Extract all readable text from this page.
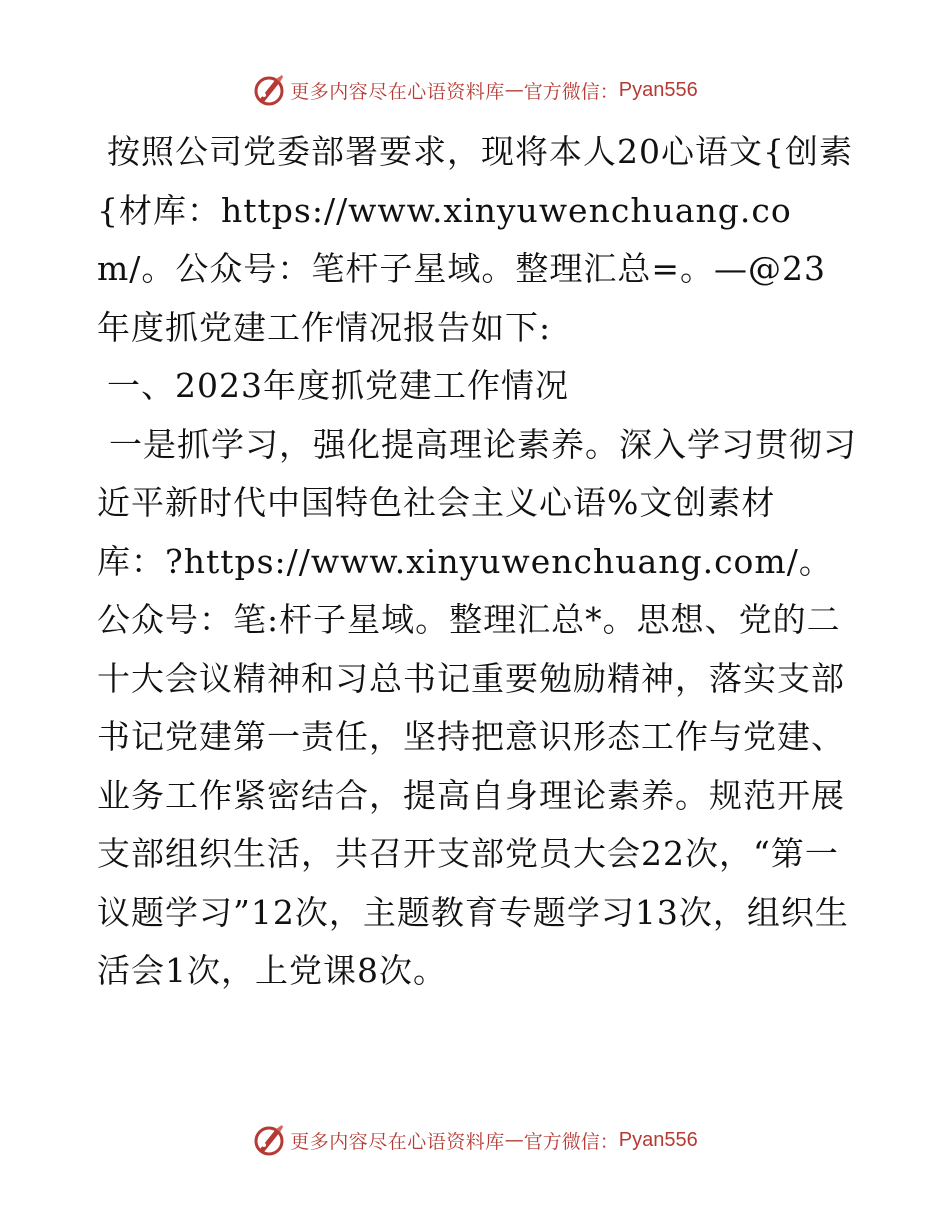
更多内容尽在心语资料库 — 官方微信： Pyan556

按照公司党委部署要求，现将本人20心语文{创素{材库：https://www.xinyuwenchuang.com/。公众号：笔杆子星域。整理汇总=。—@23年度抓党建工作情况报告如下:

一、2023年度抓党建工作情况

一是抓学习，强化提高理论素养。深入学习贯彻习近平新时代中国特色社会主义心语%文创素材库：?https://www.xinyuwenchuang.com/。公众号：笔:杆子星域。整理汇总*。思想、党的二十大会议精神和习总书记重要勉励精神，落实支部书记党建第一责任，坚持把意识形态工作与党建、业务工作紧密结合，提高自身理论素养。规范开展支部组织生活，共召开支部党员大会22次，“第一议题学习”12次，主题教育专题学习13次，组织生活会1次，上党课8次。

更多内容尽在心语资料库 — 官方微信： Pyan556
